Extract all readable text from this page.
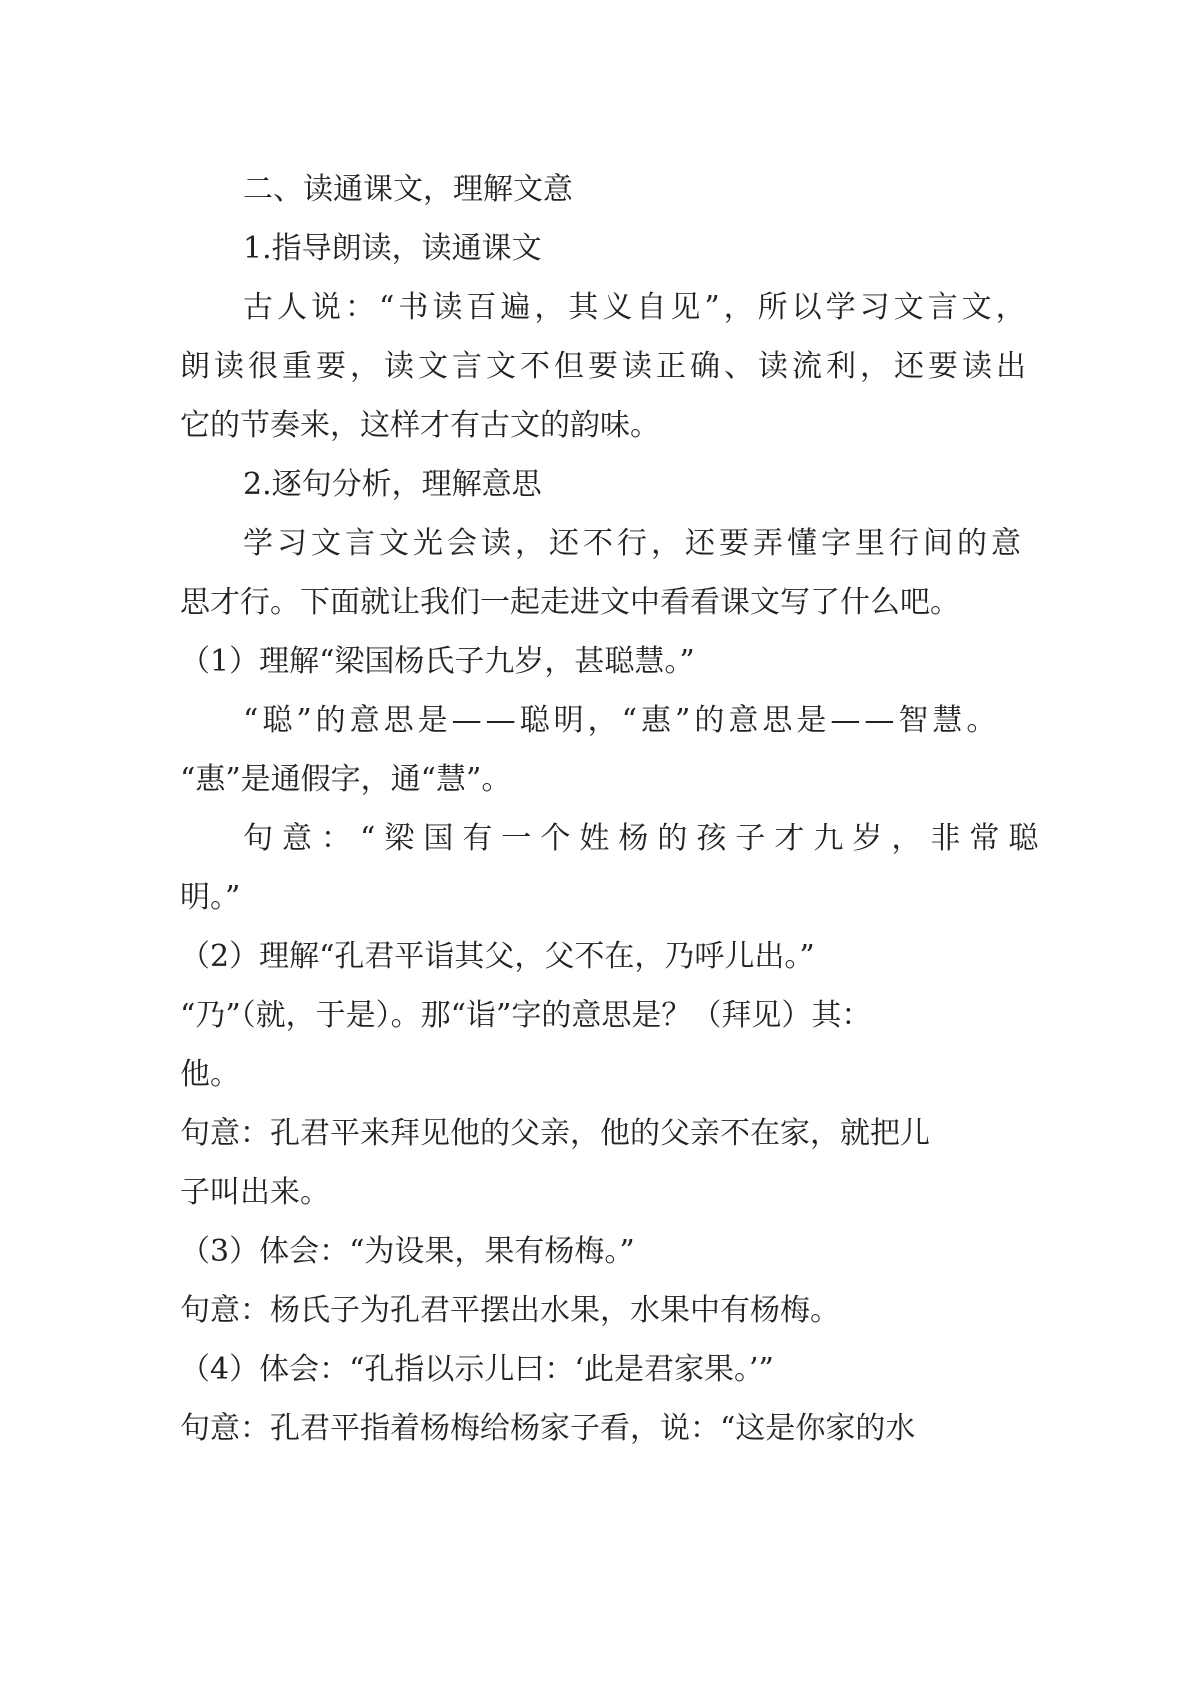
二、读通课文，理解文意
1.指导朗读，读通课文
古人说：“书读百遍，其义自见”，所以学习文言文，
朗读很重要，读文言文不但要读正确、读流利，还要读出
它的节奏来，这样才有古文的韵味。
2.逐句分析，理解意思
学习文言文光会读，还不行，还要弄懂字里行间的意
思才行。下面就让我们一起走进文中看看课文写了什么吧。
（1）理解“梁国杨氏子九岁，甚聪慧。”
“聪”的意思是——聪明，“惠”的意思是——智慧。
“惠”是通假字，通“慧”。
句意：“梁国有一个姓杨的孩子才九岁，非常聪
明。”
（2）理解“孔君平诣其父，父不在，乃呼儿出。”
“乃”（就，于是）。那“诣”字的意思是？（拜见）其：
他。
句意：孔君平来拜见他的父亲，他的父亲不在家，就把儿
子叫出来。
（3）体会：“为设果，果有杨梅。”
句意：杨氏子为孔君平摆出水果，水果中有杨梅。
（4）体会：“孔指以示儿曰：‘此是君家果。’”
句意：孔君平指着杨梅给杨家子看，说：“这是你家的水
